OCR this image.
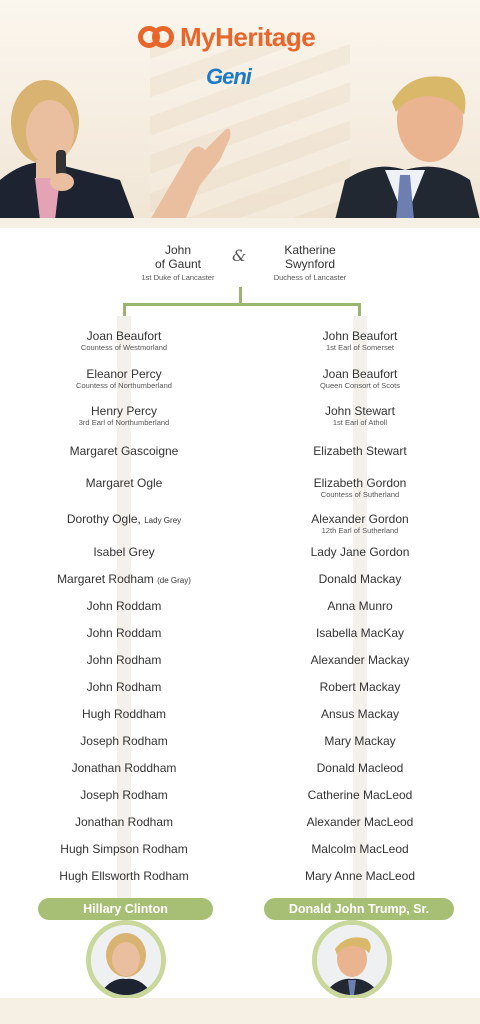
MyHeritage
Geni
John
of Gaunt
1st Duke of Lancaster
&	Katherine
Swynford
Duchess of Lancaster
Joan Beaufort
Countess of Westmorland
Eleanor Percy
Countess of Northumberland
Henry Percy
3rd Earl of Northumberland
Margaret Gascoigne
Margaret Ogle
Dorothy Ogle, Lady Grey
Isabel Grey
Margaret Rodham (de Gray)
John Roddam
John Roddam
John Rodham
John Rodham
Hugh Roddham
Joseph Rodham
Jonathan Roddham
Joseph Rodham
Jonathan Rodham
Hugh Simpson Rodham
Hugh Ellsworth Rodham
John Beaufort
1st Earl of Somerset
Joan Beaufort
Queen Consort of Scots
John Stewart
1st Earl of Atholl
Elizabeth Stewart
Elizabeth Gordon
Countess of Sutherland
Alexander Gordon
12th Earl of Sutherland
Lady Jane Gordon
Donald Mackay
Anna Munro
Isabella MacKay
Alexander Mackay
Robert Mackay
Ansus Mackay
Mary Mackay
Donald Macleod
Catherine MacLeod
Alexander MacLeod
Malcolm MacLeod
Mary Anne MacLeod
Hillary Clinton	Donald John Trump, Sr.
